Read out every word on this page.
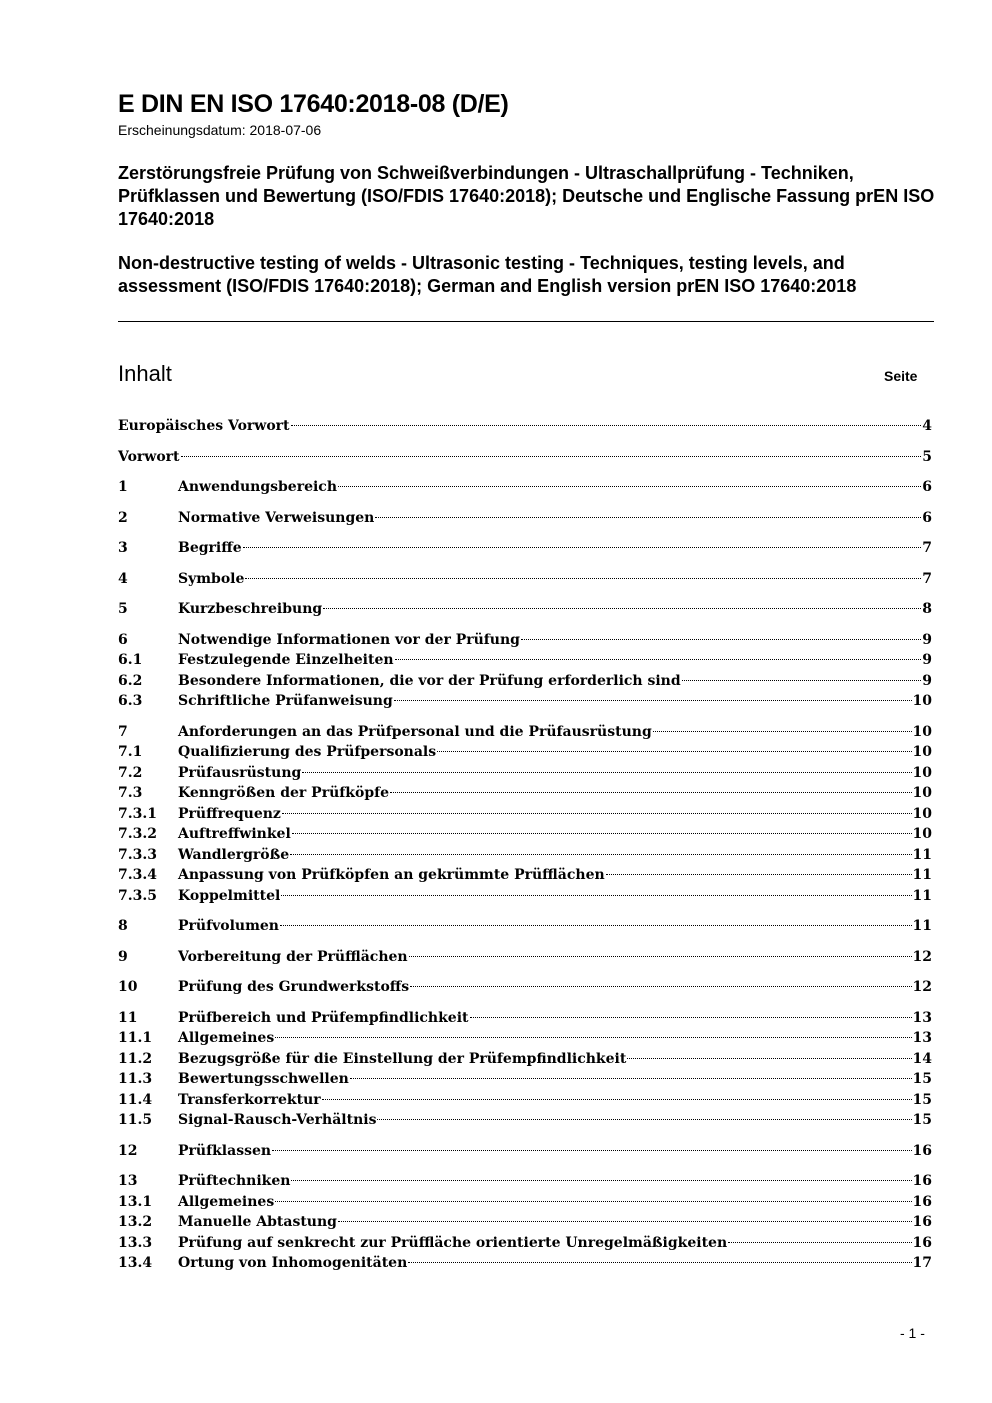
E DIN EN ISO 17640:2018-08 (D/E)
Erscheinungsdatum: 2018-07-06
Zerstörungsfreie Prüfung von Schweißverbindungen - Ultraschallprüfung - Techniken, Prüfklassen und Bewertung (ISO/FDIS 17640:2018); Deutsche und Englische Fassung prEN ISO 17640:2018
Non-destructive testing of welds - Ultrasonic testing - Techniques, testing levels, and assessment (ISO/FDIS 17640:2018); German and English version prEN ISO 17640:2018
Inhalt	Seite
Europäisches Vorwort	4
Vorwort	5
1	Anwendungsbereich	6
2	Normative Verweisungen	6
3	Begriffe	7
4	Symbole	7
5	Kurzbeschreibung	8
6	Notwendige Informationen vor der Prüfung	9
6.1	Festzulegende Einzelheiten	9
6.2	Besondere Informationen, die vor der Prüfung erforderlich sind	9
6.3	Schriftliche Prüfanweisung	10
7	Anforderungen an das Prüfpersonal und die Prüfausrüstung	10
7.1	Qualifizierung des Prüfpersonals	10
7.2	Prüfausrüstung	10
7.3	Kenngrößen der Prüfköpfe	10
7.3.1	Prüffrequenz	10
7.3.2	Auftreffwinkel	10
7.3.3	Wandlergröße	11
7.3.4	Anpassung von Prüfköpfen an gekrümmte Prüfflächen	11
7.3.5	Koppelmittel	11
8	Prüfvolumen	11
9	Vorbereitung der Prüfflächen	12
10	Prüfung des Grundwerkstoffs	12
11	Prüfbereich und Prüfempfindlichkeit	13
11.1	Allgemeines	13
11.2	Bezugsgröße für die Einstellung der Prüfempfindlichkeit	14
11.3	Bewertungsschwellen	15
11.4	Transferkorrektur	15
11.5	Signal-Rausch-Verhältnis	15
12	Prüfklassen	16
13	Prüftechniken	16
13.1	Allgemeines	16
13.2	Manuelle Abtastung	16
13.3	Prüfung auf senkrecht zur Prüffläche orientierte Unregelmäßigkeiten	16
13.4	Ortung von Inhomogenitäten	17
- 1 -
